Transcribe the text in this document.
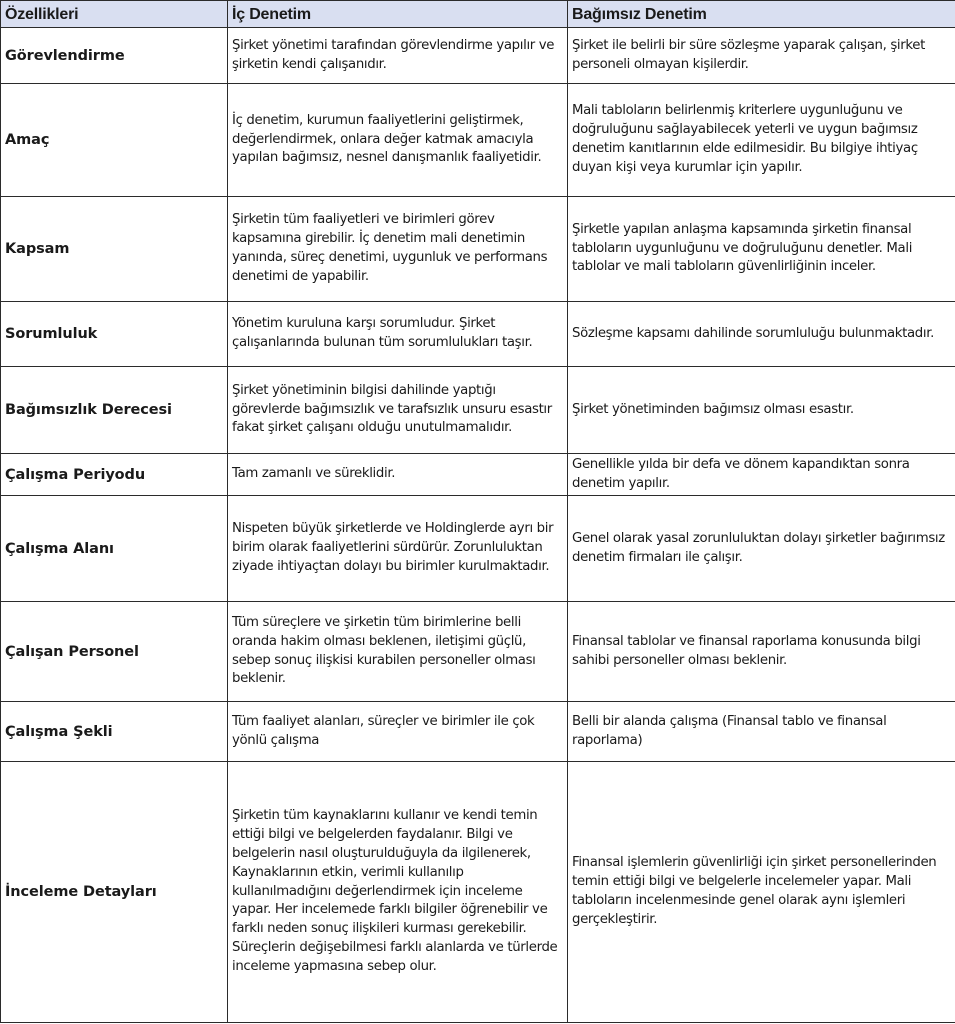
Özellikleri	İç Denetim	Bağımsız Denetim
Görevlendirme	Şirket yönetimi tarafından görevlendirme yapılır ve şirketin kendi çalışanıdır.	Şirket ile belirli bir süre sözleşme yaparak çalışan, şirket personeli olmayan kişilerdir.
Amaç	İç denetim, kurumun faaliyetlerini geliştirmek, değerlendirmek, onlara değer katmak amacıyla yapılan bağımsız, nesnel danışmanlık faaliyetidir.	Mali tabloların belirlenmiş kriterlere uygunluğunu ve doğruluğunu sağlayabilecek yeterli ve uygun bağımsız denetim kanıtlarının elde edilmesidir. Bu bilgiye ihtiyaç duyan kişi veya kurumlar için yapılır.
Kapsam	Şirketin tüm faaliyetleri ve birimleri görev kapsamına girebilir. İç denetim mali denetimin yanında, süreç denetimi, uygunluk ve performans denetimi de yapabilir.	Şirketle yapılan anlaşma kapsamında şirketin finansal tabloların uygunluğunu ve doğruluğunu denetler. Mali tablolar ve mali tabloların güvenlirliğinin inceler.
Sorumluluk	Yönetim kuruluna karşı sorumludur. Şirket çalışanlarında bulunan tüm sorumlulukları taşır.	Sözleşme kapsamı dahilinde sorumluluğu bulunmaktadır.
Bağımsızlık Derecesi	Şirket yönetiminin bilgisi dahilinde yaptığı görevlerde bağımsızlık ve tarafsızlık unsuru esastır fakat şirket çalışanı olduğu unutulmamalıdır.	Şirket yönetiminden bağımsız olması esastır.
Çalışma Periyodu	Tam zamanlı ve süreklidir.	Genellikle yılda bir defa ve dönem kapandıktan sonra denetim yapılır.
Çalışma Alanı	Nispeten büyük şirketlerde ve Holdinglerde ayrı bir birim olarak faaliyetlerini sürdürür. Zorunluluktan ziyade ihtiyaçtan dolayı bu birimler kurulmaktadır.	Genel olarak yasal zorunluluktan dolayı şirketler bağırımsız denetim firmaları ile çalışır.
Çalışan Personel	Tüm süreçlere ve şirketin tüm birimlerine belli oranda hakim olması beklenen, iletişimi güçlü, sebep sonuç ilişkisi kurabilen personeller olması beklenir.	Finansal tablolar ve finansal raporlama konusunda bilgi sahibi personeller olması beklenir.
Çalışma Şekli	Tüm faaliyet alanları, süreçler ve birimler ile çok yönlü çalışma	Belli bir alanda çalışma (Finansal tablo ve finansal raporlama)
İnceleme Detayları	Şirketin tüm kaynaklarını kullanır ve kendi temin ettiği bilgi ve belgelerden faydalanır. Bilgi ve belgelerin nasıl oluşturulduğuyla da ilgilenerek, Kaynaklarının etkin, verimli kullanılıp kullanılmadığını değerlendirmek için inceleme yapar. Her incelemede farklı bilgiler öğrenebilir ve farklı neden sonuç ilişkileri kurması gerekebilir. Süreçlerin değişebilmesi farklı alanlarda ve türlerde inceleme yapmasına sebep olur.	Finansal işlemlerin güvenlirliği için şirket personellerinden temin ettiği bilgi ve belgelerle incelemeler yapar. Mali tabloların incelenmesinde genel olarak aynı işlemleri gerçekleştirir.
